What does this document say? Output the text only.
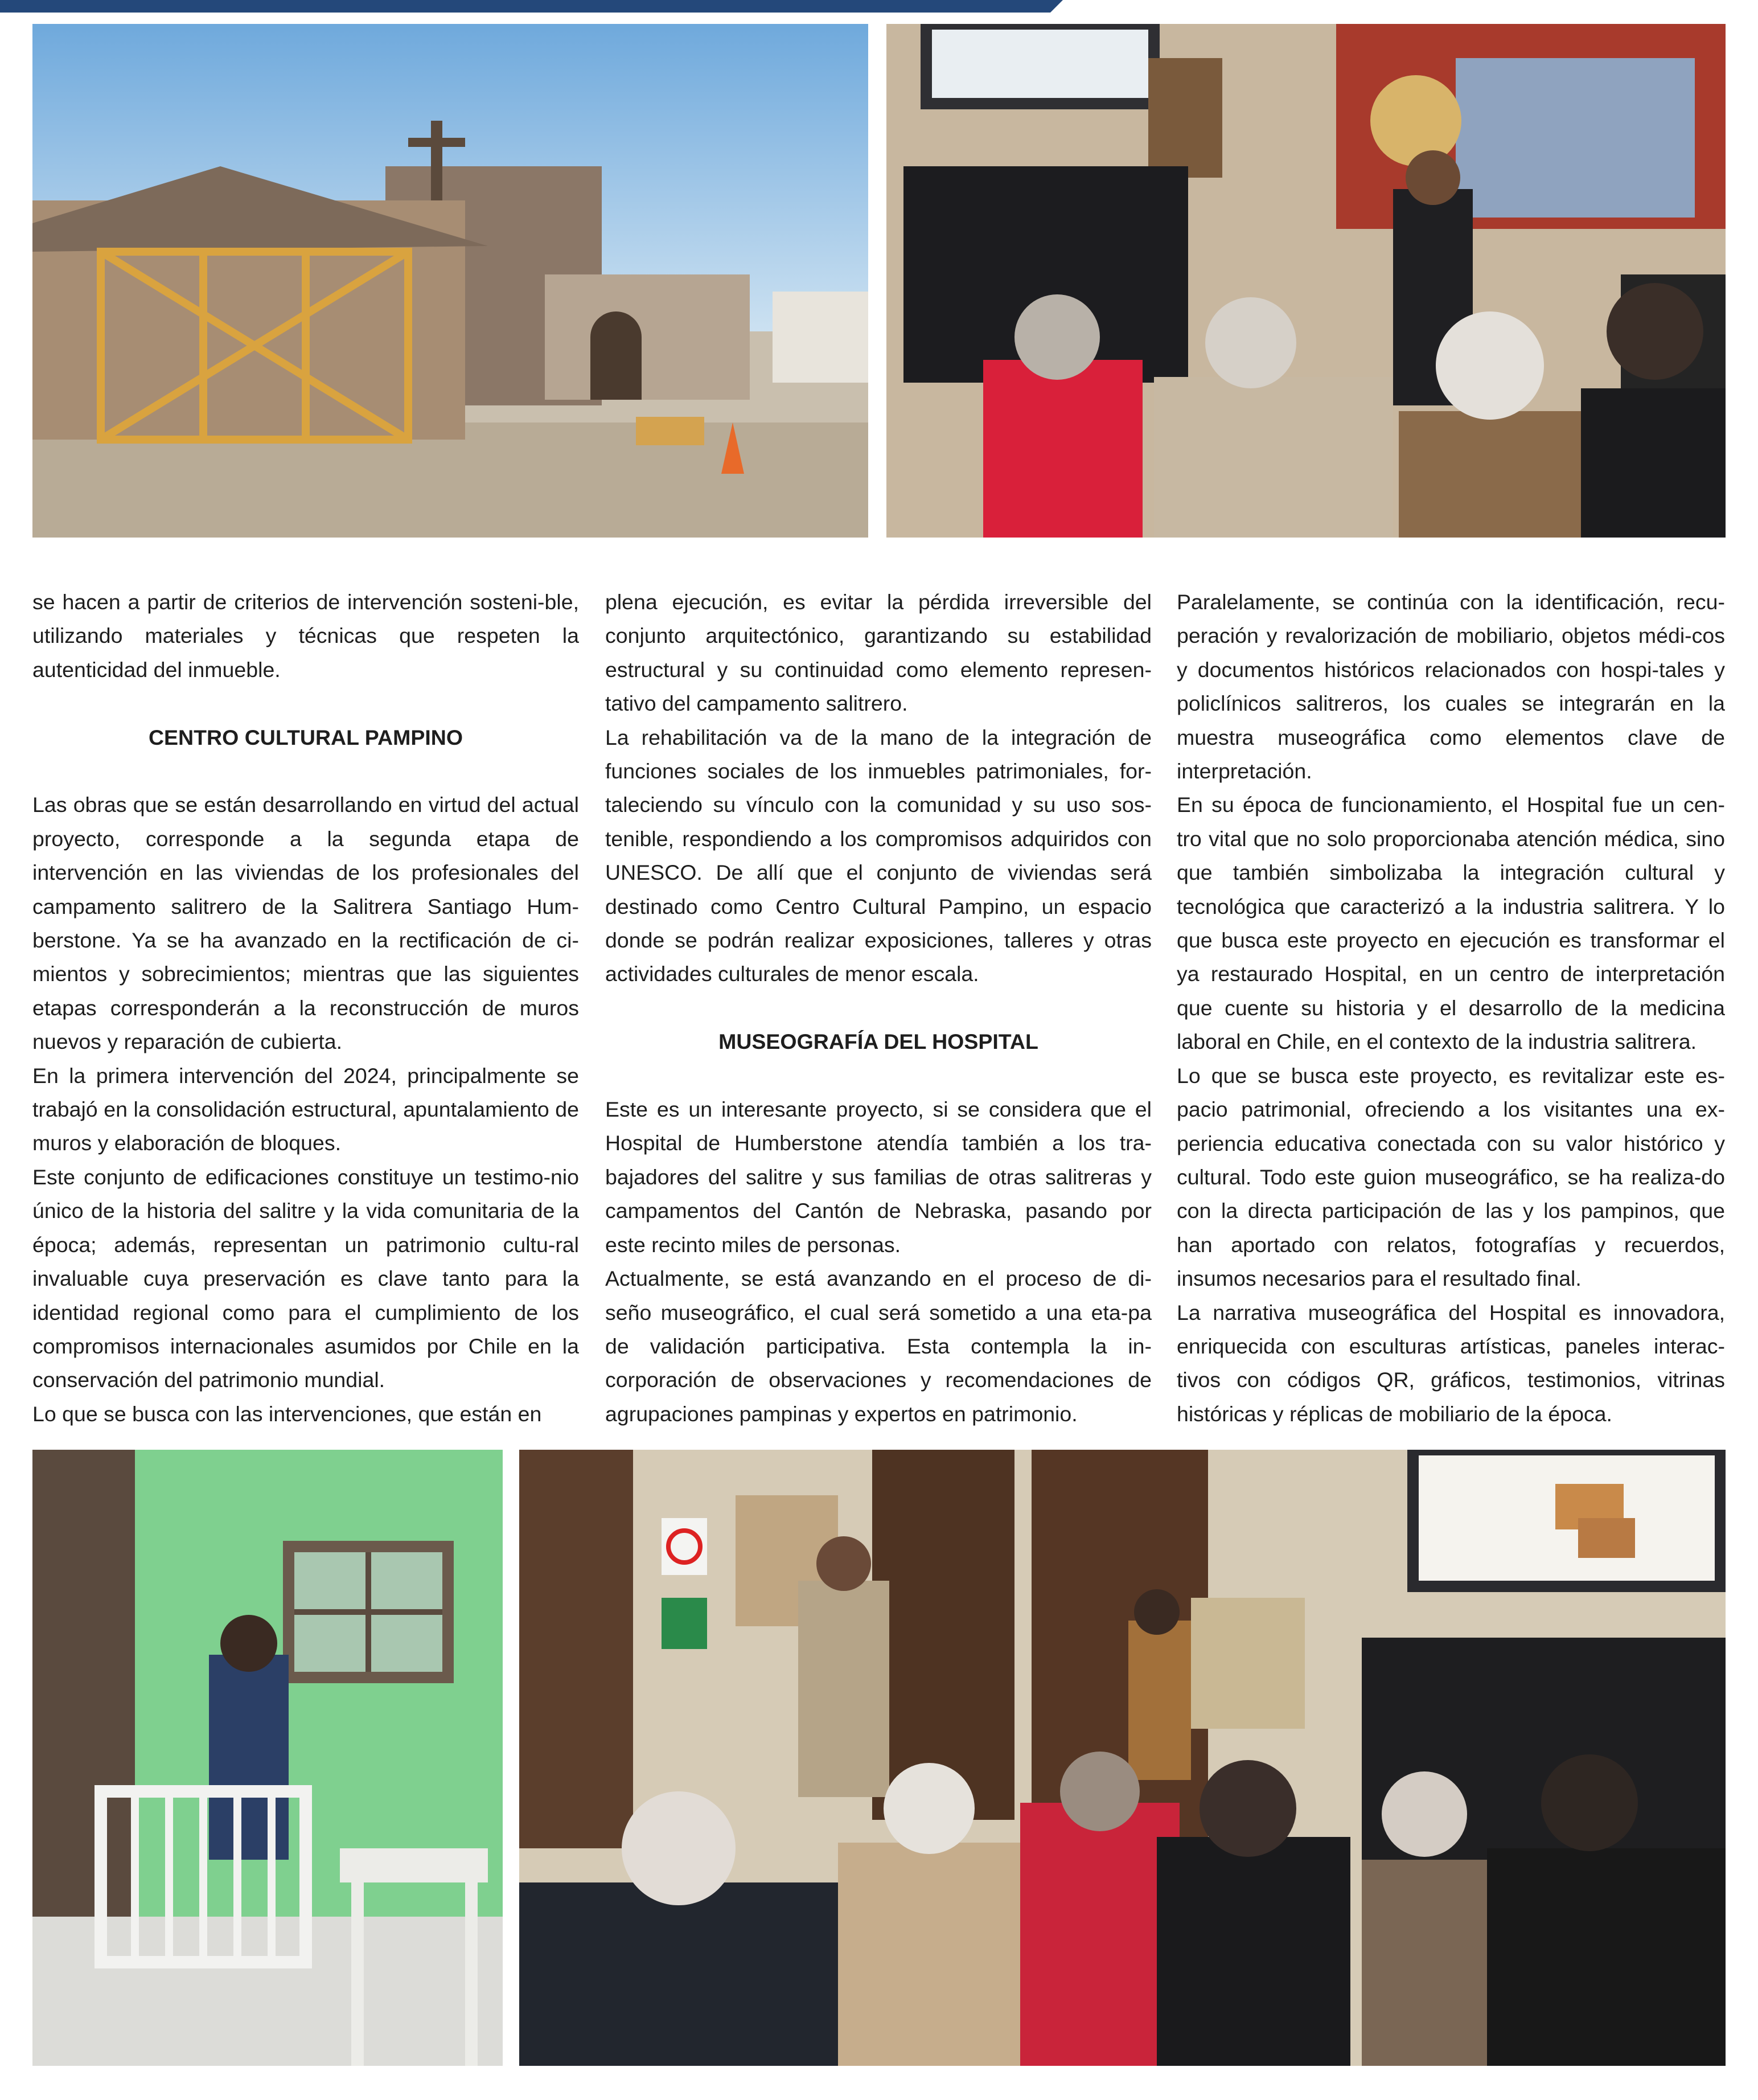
se hacen a partir de criterios de intervención sosteni-ble, utilizando materiales y técnicas que respeten la autenticidad del inmueble.

CENTRO CULTURAL PAMPINO

Las obras que se están desarrollando en virtud del actual proyecto, corresponde a la segunda etapa de intervención en las viviendas de los profesionales del campamento salitrero de la Salitrera Santiago Hum-berstone. Ya se ha avanzado en la rectificación de ci-mientos y sobrecimientos; mientras que las siguientes etapas corresponderán a la reconstrucción de muros nuevos y reparación de cubierta.

En la primera intervención del 2024, principalmente se trabajó en la consolidación estructural, apuntalamiento de muros y elaboración de bloques.

Este conjunto de edificaciones constituye un testimo-nio único de la historia del salitre y la vida comunitaria de la época; además, representan un patrimonio cultu-ral invaluable cuya preservación es clave tanto para la identidad regional como para el cumplimiento de los compromisos internacionales asumidos por Chile en la conservación del patrimonio mundial.

Lo que se busca con las intervenciones, que están en

plena ejecución, es evitar la pérdida irreversible del conjunto arquitectónico, garantizando su estabilidad estructural y su continuidad como elemento represen-tativo del campamento salitrero.

La rehabilitación va de la mano de la integración de funciones sociales de los inmuebles patrimoniales, for-taleciendo su vínculo con la comunidad y su uso sos-tenible, respondiendo a los compromisos adquiridos con UNESCO. De allí que el conjunto de viviendas será destinado como Centro Cultural Pampino, un espacio donde se podrán realizar exposiciones, talleres y otras actividades culturales de menor escala.

MUSEOGRAFÍA DEL HOSPITAL

Este es un interesante proyecto, si se considera que el Hospital de Humberstone atendía también a los tra-bajadores del salitre y sus familias de otras salitreras y campamentos del Cantón de Nebraska, pasando por este recinto miles de personas.

Actualmente, se está avanzando en el proceso de di-seño museográfico, el cual será sometido a una eta-pa de validación participativa. Esta contempla la in-corporación de observaciones y recomendaciones de agrupaciones pampinas y expertos en patrimonio.

Paralelamente, se continúa con la identificación, recu-peración y revalorización de mobiliario, objetos médi-cos y documentos históricos relacionados con hospi-tales y policlínicos salitreros, los cuales se integrarán en la muestra museográfica como elementos clave de interpretación.

En su época de funcionamiento, el Hospital fue un cen-tro vital que no solo proporcionaba atención médica, sino que también simbolizaba la integración cultural y tecnológica que caracterizó a la industria salitrera. Y lo que busca este proyecto en ejecución es transformar el ya restaurado Hospital, en un centro de interpretación que cuente su historia y el desarrollo de la medicina laboral en Chile, en el contexto de la industria salitrera.

Lo que se busca este proyecto, es revitalizar este es-pacio patrimonial, ofreciendo a los visitantes una ex-periencia educativa conectada con su valor histórico y cultural. Todo este guion museográfico, se ha realiza-do con la directa participación de las y los pampinos, que han aportado con relatos, fotografías y recuerdos, insumos necesarios para el resultado final.

La narrativa museográfica del Hospital es innovadora, enriquecida con esculturas artísticas, paneles interac-tivos con códigos QR, gráficos, testimonios, vitrinas históricas y réplicas de mobiliario de la época.
